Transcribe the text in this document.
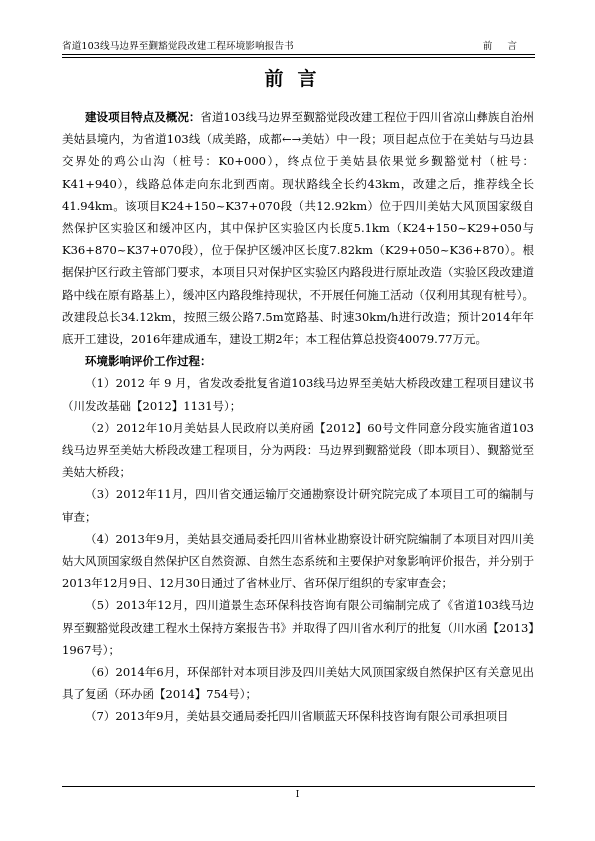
省道103线马边界至觐豁觉段改建工程环境影响报告书	前 言
前言

建设项目特点及概况：省道103线马边界至觐豁觉段改建工程位于四川省凉山彝族自治州美姑县境内，为省道103线（成美路，成都←→美姑）中一段；项目起点位于在美姑与马边县交界处的鸡公山沟（桩号：K0+000），终点位于美姑县依果觉乡觐豁觉村（桩号：K41+940），线路总体走向东北到西南。现状路线全长约43km，改建之后，推荐线全长41.94km。该项目K24+150~K37+070段（共12.92km）位于四川美姑大风顶国家级自然保护区实验区和缓冲区内，其中保护区实验区内长度5.1km（K24+150~K29+050与K36+870~K37+070段），位于保护区缓冲区长度7.82km（K29+050~K36+870）。根据保护区行政主管部门要求，本项目只对保护区实验区内路段进行原址改造（实验区段改建道路中线在原有路基上），缓冲区内路段维持现状，不开展任何施工活动（仅利用其现有桩号）。改建段总长34.12km，按照三级公路7.5m宽路基、时速30km/h进行改造；预计2014年年底开工建设，2016年建成通车，建设工期2年；本工程估算总投资40079.77万元。

环境影响评价工作过程：

（1）2012 年 9 月，省发改委批复省道103线马边界至美姑大桥段改建工程项目建议书（川发改基础【2012】1131号）；

（2）2012年10月美姑县人民政府以美府函【2012】60号文件同意分段实施省道103线马边界至美姑大桥段改建工程项目，分为两段：马边界到觐豁觉段（即本项目）、觐豁觉至美姑大桥段；

（3）2012年11月，四川省交通运输厅交通勘察设计研究院完成了本项目工可的编制与审查；

（4）2013年9月，美姑县交通局委托四川省林业勘察设计研究院编制了本项目对四川美姑大风顶国家级自然保护区自然资源、自然生态系统和主要保护对象影响评价报告，并分别于2013年12月9日、12月30日通过了省林业厅、省环保厅组织的专家审查会；

（5）2013年12月，四川道景生态环保科技咨询有限公司编制完成了《省道103线马边界至觐豁觉段改建工程水土保持方案报告书》并取得了四川省水利厅的批复（川水函【2013】1967号）；

（6）2014年6月，环保部针对本项目涉及四川美姑大风顶国家级自然保护区有关意见出具了复函（环办函【2014】754号）；

（7）2013年9月，美姑县交通局委托四川省顺蓝天环保科技咨询有限公司承担项目

I
